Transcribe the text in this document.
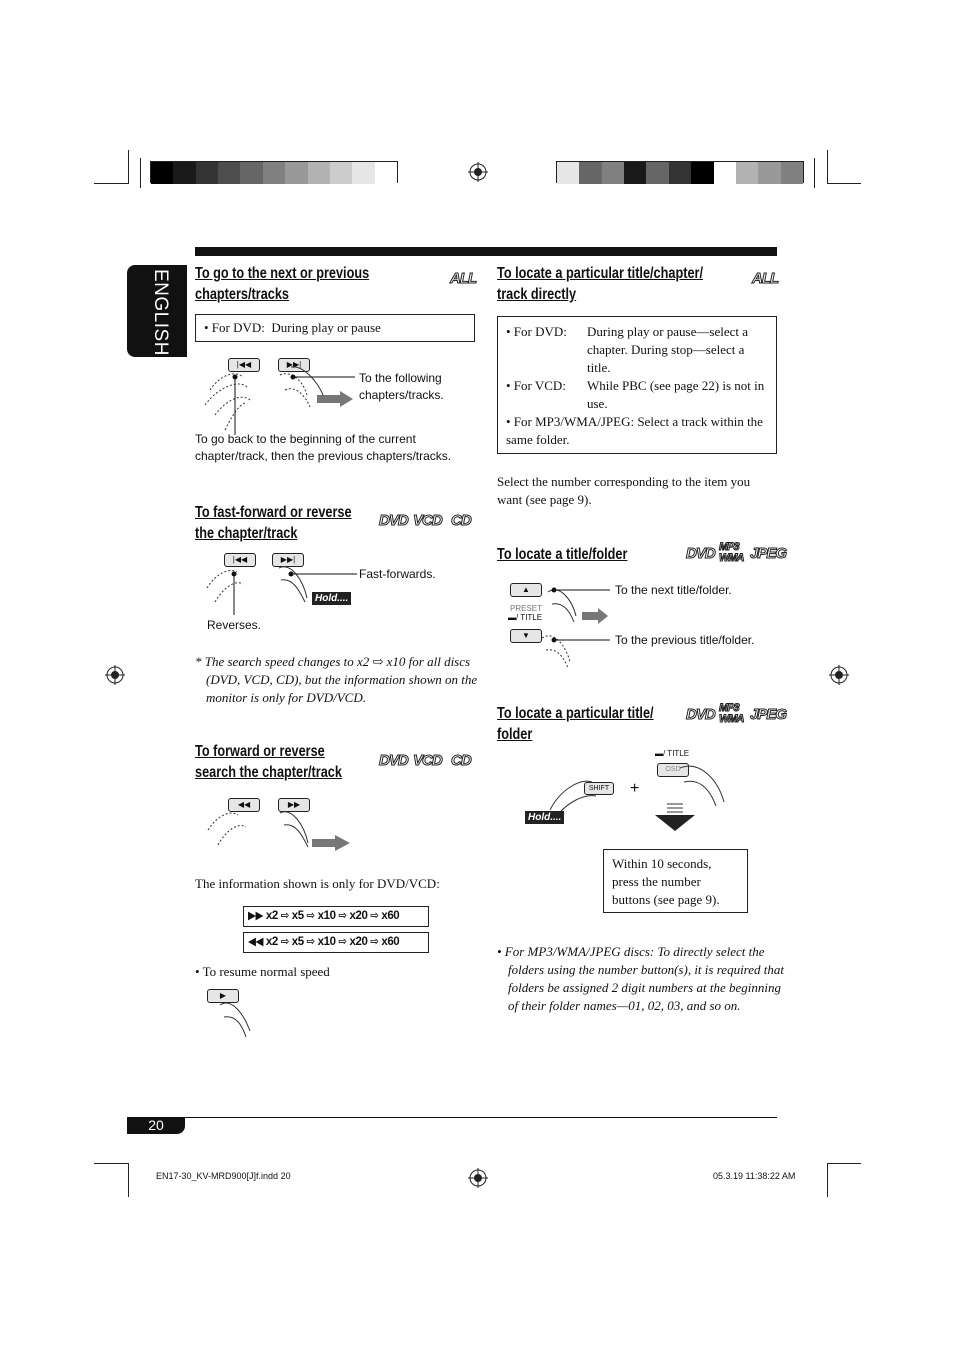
ENGLISH To go to the next or previous
chapters/tracks
ALL
• For DVD: During play or pause
|◀◀	▶▶|
To the following chapters/tracks.
To go back to the beginning of the current chapter/track, then the previous chapters/tracks.
To fast-forward or reverse
the chapter/track
DVD VCD CD
|◀◀	▶▶|
Fast-forwards.
Hold....
Reverses.
* The search speed changes to x2 ⇨ x10 for all discs (DVD, VCD, CD), but the information shown on the monitor is only for DVD/VCD.
To forward or reverse
search the chapter/track
DVD VCD CD
◀◀	▶▶
The information shown is only for DVD/VCD:
▶▶ x2 ⇨ x5 ⇨ x10 ⇨ x20 ⇨ x60
◀◀ x2 ⇨ x5 ⇨ x10 ⇨ x20 ⇨ x60
• To resume normal speed
▶
To locate a particular title/chapter/
track directly
ALL
• For DVD:	During play or pause—select a chapter. During stop—select a title.
• For VCD:	While PBC (see page 22) is not in use.
• For MP3/WMA/JPEG: Select a track within the same folder.
Select the number corresponding to the item you want (see page 9).
To locate a title/folder	DVD MP3 WMA JPEG
▲
PRESET
▬/ TITLE
▼
To the next title/folder.
To the previous title/folder.
To locate a particular title/
folder
DVD MP3 WMA JPEG
▬/ TITLE
OSD
SHIFT	+
Hold....
Within 10 seconds, press the number buttons (see page 9).
• For MP3/WMA/JPEG discs: To directly select the folders using the number button(s), it is required that folders be assigned 2 digit numbers at the beginning of their folder names—01, 02, 03, and so on.
20
EN17-30_KV-MRD900[J]f.indd 20	05.3.19 11:38:22 AM
